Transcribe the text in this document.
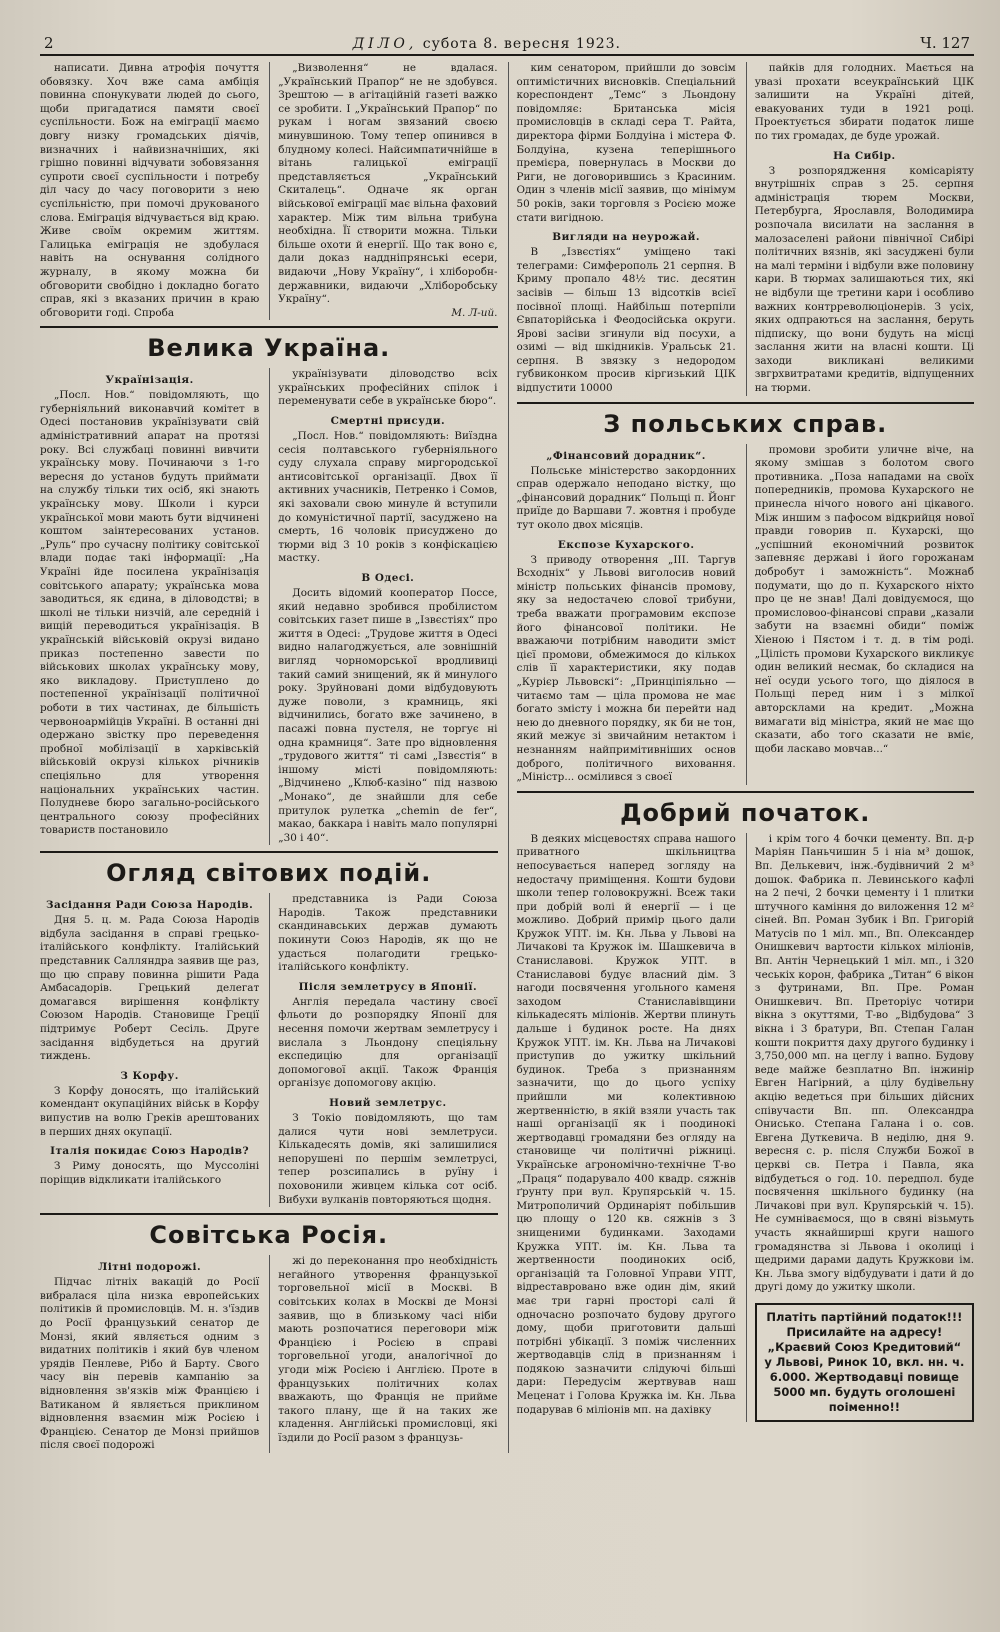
2	ДІЛО, субота 8. вересня 1923.	Ч. 127

написати. Дивна атрофія почуття обовязку. Хоч вже сама амбіція повинна спонукувати людей до сього, щоби пригадатися памяти своєї суспільности. Бож на еміграції маємо довгу низку громадських діячів, визначних і найвизначніших, які грішно повинні відчувати зобовязання супроти своєї суспільности і потребу діл часу до часу поговорити з нею суспільністю, при помочі друкованого слова. Еміграція відчувається від краю. Живе своїм окремим життям. Галицька еміграція не здобулася навіть на оснування солідного журналу, в якому можна би обговорити свобідно і докладно богато справ, які з вказаних причин в краю обговорити годі. Спроба

„Визволення“ не вдалася. „Український Прапор“ не не здобувся. Зрештою — в агітаційній газеті важко се зробити. І „Український Прапор“ по рукам і ногам звязаний своєю минувшиною. Тому тепер опинився в блудному колесі. Найсимпатичнійше в вітань галицької еміграції представляється „Український Скиталець“. Одначе як орган військової еміграції має вільна фаховий характер. Між тим вільна трибуна необхідна. Її створити можна. Тільки більше охоти й енергії. Що так воно є, дали доказ наддніпрянські есери, видаючи „Нову Україну“, і хліборобн-державники, видаючи „Хліборобську Україну“.

М. Л-ий.

Велика Україна.
Українізація.

„Посл. Нов.“ повідомляють, що губерніяльний виконавчий комітет в Одесі постановив українізувати свій адміністративний апарат на протязі року. Всі службаці повинні вивчити українську мову. Починаючи з 1-го вересня до установ будуть приймати на службу тільки тих осіб, які знають українську мову. Школи і курси української мови мають бути відчинені коштом заінтересованих установ. „Руль“ про сучасну політику совітської влади подає такі інформації: „На Україні йде посилена українізація совітського апарату; українська мова заводиться, як єдина, в діловодстві; в школі не тільки низчій, але середній і вищій переводиться українізація. В українській військовій окрузі видано приказ постепенно завести по військових школах українську мову, яко викладову. Приступлено до постепенної українізації політичної роботи в тих частинах, де більшість червоноармійців Україні. В останні дні одержано звістку про переведення пробної мобілізації в харківській військовій окрузі кількох річників спеціяльно для утворення національних українських частин. Полудневе бюро загально-російського центрального союзу професійних товариств постановило

українізувати діловодство всіх українських професійних спілок і переменувати себе в українське бюро“.

Смертні присуди.

„Посл. Нов.“ повідомляють: Виїздна сесія полтавського губерніяльного суду слухала справу миргородської антисовітської організації. Двох її активних учасників, Петренко і Сомов, які заховали свою минуле й вступили до комуністичної партії, засуджено на смерть, 16 чоловік присуджено до тюрми від 3 10 років з конфіскацією мастку.

В Одесі.

Досить відомий кооператор Поссе, який недавно зробився пробілистом совітських газет пише в „Ізвєстіях“ про життя в Одесі: „Трудове життя в Одесі видно налагоджується, але зовнішній вигляд чорноморської вродливиці такий самий знищений, як й минулого року. Зруйновані доми відбудовують дуже поволи, з крамниць, які відчинились, богато вже зачинено, в пасажі повна пустеля, не торгує ні одна крамниця“. Зате про відновлення „трудового життя“ ті самі „Ізвєстія“ в іншому місті повідомляють: „Відчинено „Клюб-казіно“ під назвою „Монако“, де знайшли для себе притулок рулетка „chemin de fer“, макао, баккара і навіть мало популярні „30 і 40“.

Огляд світових подій.
Засідання Ради Союза Народів.

Дня 5. ц. м. Рада Союза Народів відбула засідання в справі грецько-італійського конфлікту. Італійський представник Салляндра заявив ще раз, що цю справу повинна рішити Рада Амбасадорів. Грецький делегат домагався вирішення конфлікту Союзом Народів. Становище Греції підтримує Роберт Сесіль. Друге засідання відбудеться на другий тиждень.

З Корфу.

З Корфу доносять, що італійський комендант окупаційних військ в Корфу випустив на волю Греків арештованих в перших днях окупації.

Італія покидає Союз Народів?

З Риму доносять, що Муссоліні поріщив відкликати італійського

представника із Ради Союза Народів. Також представники скандинавських держав думають покинути Союз Народів, як що не удасться полагодити грецько-італійського конфлікту.

Після землетрусу в Японії.

Англія передала частину своєї фльоти до розпорядку Японії для несення помочи жертвам землетрусу і вислала з Льондону спеціяльну експедицію для організації допомогової акції. Також Франція організує допомогову акцію.

Новий землетрус.

З Токіо повідомляють, що там далися чути нові землетруси. Кількадесять домів, які залишилися непорушені по першім землетрусі, тепер розсипались в руїну і поховонили живцем кілька сот осіб. Вибухи вулканів повторяються щодня.

Совітська Росія.
Літні подорожі.

Підчас літніх вакацій до Росії вибралася ціла низка европейських політиків й промисловців. М. н. з'їздив до Росії французький сенатор де Монзі, який являється одним з видатних політиків і який був членом урядів Пенлеве, Рібо й Барту. Свого часу він перевів кампанію за відновлення зв'язків між Францією і Ватиканом й являється приклином відновлення взаємин між Росією і Францією. Сенатор де Монзі прийшов після своєї подорожі

жі до переконання про необхідність негайного утворення французької торговельної місії в Москві. В совітських колах в Москві де Монзі заявив, що в близькому часі ніби мають розпочатися переговори між Францією і Росією в справі торговельної угоди, аналогічної до угоди між Росією і Англією. Проте в французьких політичних колах вважають, що Франція не прийме такого плану, ще й на таких же кладення. Англійські промисловці, які їздили до Росії разом з французь-

ким сенатором, прийшли до зовсім оптимістичних висновків. Спеціальний кореспондент „Темс“ з Льондону повідомляє: Британська місія промисловців в складі сера Т. Райта, директора фірми Болдуіна і містера Ф. Болдуіна, кузена теперішнього премієра, повернулась в Москви до Риги, не договорившись з Красиним. Один з членів місії заявив, що мінімум 50 років, заки торговля з Росією може стати вигідною.

Вигляди на неурожай.

В „Ізвєстіях“ уміщено такі телеграми: Симферополь 21 серпня. В Криму пропало 48½ тис. десятин засівів — більш 13 відсотків всієї посівної площі. Найбільш потерпіли Євпаторійська і Феодосійська округи. Ярові засіви згинули від посухи, а озимі — від шкідників. Уральськ 21. серпня. В звязку з недородом губвиконком просив кіргизький ЦІК відпустити 10000

пайків для голодних. Мається на увазі прохати всеукраїнський ЦІК залишити на Україні дітей, евакуованих туди в 1921 році. Проектується збирати податок лише по тих громадах, де буде урожай.

На Сибір.

З розпорядження комісаріяту внутрішніх справ з 25. серпня адміністрація тюрем Москви, Петербурга, Ярославля, Володимира розпочала висилати на заслання в малозаселені райони північної Сибірі політичних вязнів, які засуджені були на малі терміни і відбули вже половину кари. В тюрмах залишаються тих, які не відбули ще третини кари і особливо важних контрреволюціонерів. З усіх, яких одпраються на заслання, беруть підписку, що вони будуть на місці заслання жити на власні кошти. Ці заходи викликані великими звгрхвитратами кредитів, відпущенних на тюрми.

З польських справ.
„Фінансовий дорадник“.

Польське міністерство закордонних справ одержало неподано вістку, що „фінансовий дорадник“ Польщі п. Йонг приїде до Варшави 7. жовтня і пробуде тут около двох місяців.

Експозе Кухарского.

З приводу отворення „III. Таргув Всходніх“ у Львові виголосив новий міністр польських фінансів промову, яку за недостачею слової трибуни, треба вважати програмовим експозе його фінансової політики. Не вважаючи потрібним наводити зміст цієї промови, обмежимося до кількох слів її характеристики, яку подав „Курієр Львовскі“: „Принціпіяльно — читаємо там — ціла промова не має богато змісту і можна би перейти над нею до дневного порядку, як би не тон, який межує зі звичайним нетактом і незнанням найпримітивніших основ доброго, політичного виховання. „Міністр... осмілився з своєї

промови зробити уличне віче, на якому змішав з болотом свого противника. „Поза нападами на своїх попередників, промова Кухарского не принесла нічого нового ані цікавого. Між иншим з пафосом відкрийця нової правди говорив п. Кухарскі, що „успішний економічний розвиток запевняє державі і його горожанам добробут і заможність“. Можнаб подумати, що до п. Кухарского ніхто про це не знав! Далі довідуємося, що промисловоо-фінансові справи „казали забути на взаємні обиди“ поміж Хіеною і Пястом і т. д. в тім роді. „Цілість промови Кухарского викликує один великий несмак, бо складися на неї осуди усього того, що діялося в Польщі перед ним і з мілкої авторсклами на кредит. „Можна вимагати від міністра, який не має що сказати, або того сказати не вміє, щоби ласкаво мовчав...“

Добрий початок.

В деяких місцевостях справа нашого приватного шкільництва непосувається наперед зогляду на недостачу приміщення. Кошти будови школи тепер головокружні. Всеж таки при добрій волі й енергії — і це можливо. Добрий примір цього дали Кружок УПТ. ім. Кн. Льва у Львові на Личакові та Кружок ім. Шашкевича в Станиславові. Кружок УПТ. в Станиславові будує власний дім. З нагоди посвячення угольного каменя заходом Станиславівщини кількадесять міліонів. Жертви плинуть дальше і будинок росте. На днях Кружок УПТ. ім. Кн. Льва на Личакові приступив до ужитку шкільний будинок. Треба з признанням зазначити, що до цього успіху прийшли ми колективною жертвенністю, в якій взяли участь так наші організації як і поодинокі жертводавці громадяни без огляду на становище чи політичні ріжниці. Українське агрономічно-технічне Т-во „Праця“ подарувало 400 квадр. сяжнів ґрунту при вул. Крупярській ч. 15. Митрополичий Ординаріят побільшив цю площу о 120 кв. сяжнів з 3 знищеними будинками. Заходами Кружка УПТ. ім. Кн. Льва та жертвенности поодиноких осіб, організацій та Головної Управи УПТ, відреставровано вже один дім, який має три гарні просторі салі й одночасно розпочато будову другого дому, щоби приготовити дальші потрібні убікації. З поміж численних жертводавців слід в признанням і подякою зазначити слідуючі більші дари: Передусім жертвував наш Меценат і Голова Кружка ім. Кн. Льва подарував 6 міліонів мп. на дахівку

і крім того 4 бочки цементу. Вп. д-р Маріян Паньчишин 5 і ніа м³ дошок, Вп. Делькевич, інж.-будівничий 2 м³ дошок. Фабрика п. Левинського кафлі на 2 печі, 2 бочки цементу і 1 плитки штучного каміння до виложення 12 м² сіней. Вп. Роман Зубик і Вп. Григорій Матусів по 1 міл. мп., Вп. Олександер Онишкевич вартости кількох міліонів, Вп. Антін Чернецький 1 міл. мп., і 320 чеськіх корон, фабрика „Титан“ 6 вікон з футринами, Вп. Пре. Роман Онишкевич. Вп. Преторіус чотири вікна з окуттями, Т-во „Відбудова“ 3 вікна і 3 братури, Вп. Степан Галан кошти покриття даху другого будинку і 3,750,000 мп. на цеглу і вапно. Будову веде майже безплатно Вп. інжинір Евген Нагірний, а цілу будівельну акцію ведеться при більших дійсних співучасти Вп. пп. Олександра Онисько. Степана Галана і о. сов. Евгена Дуткевича. В неділю, дня 9. вересня с. р. після Служби Божої в церкві св. Петра і Павла, яка відбудеться о год. 10. передпол. буде посвячення шкільного будинку (на Личакові при вул. Крупярській ч. 15). Не сумніваємося, що в свяні візьмуть участь якнайширші круги нашого громадянства зі Львова і околиці і щедрими дарами дадуть Кружкови ім. Кн. Льва змогу відбудувати і дати й до другі дому до ужитку школи.

Платіть партійний податок!!! Присилайте на адресу! „Краєвий Союз Кредитовий“ у Львові, Ринок 10, вкл. нн. ч. 6.000. Жертводавці повище 5000 мп. будуть оголошені поіменно!!
